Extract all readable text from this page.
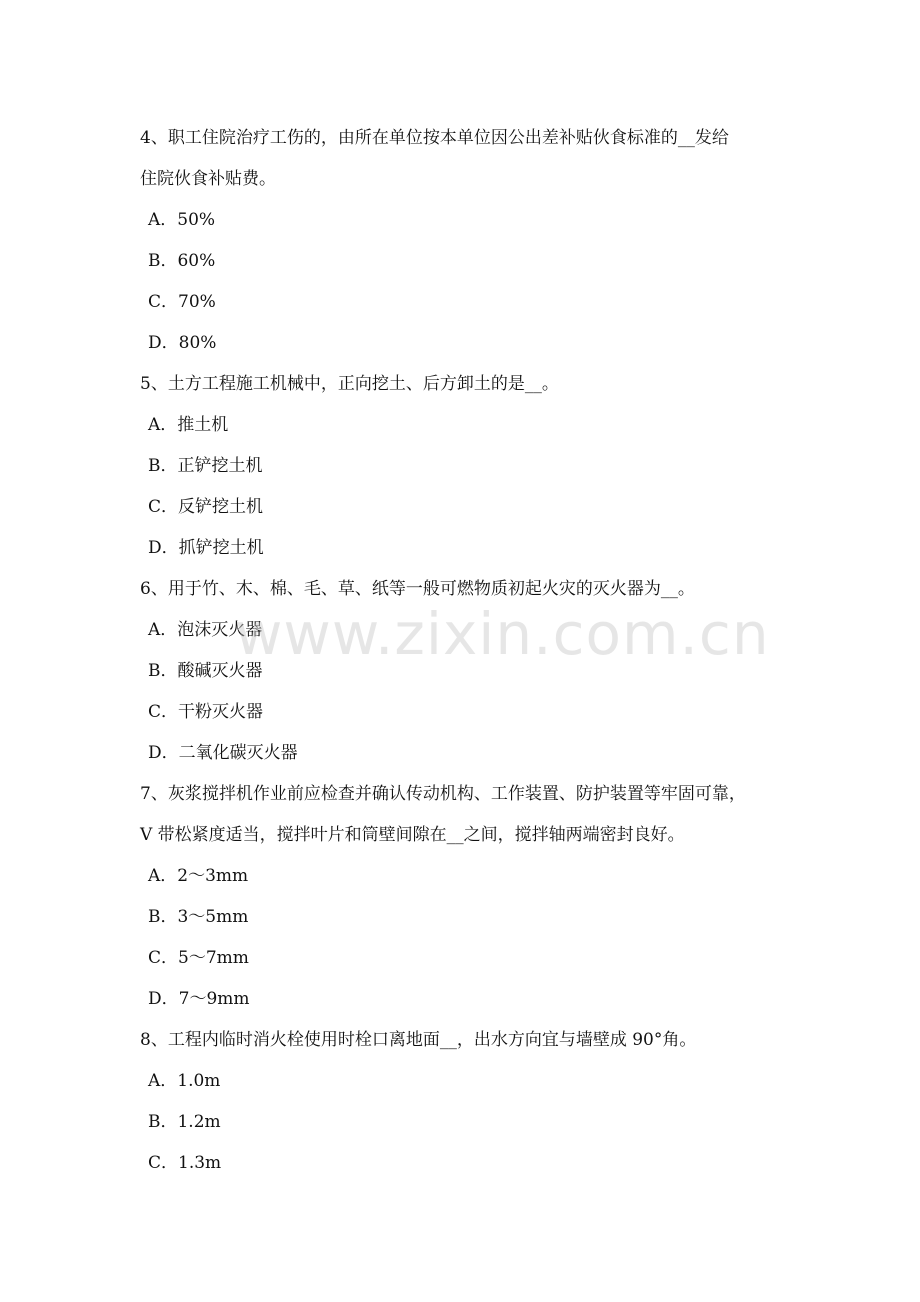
4、职工住院治疗工伤的，由所在单位按本单位因公出差补贴伙食标准的__发给

住院伙食补贴费。

A．50%

B．60%

C．70%

D．80%

5、土方工程施工机械中，正向挖土、后方卸土的是__。

A．推土机

B．正铲挖土机

C．反铲挖土机

D．抓铲挖土机

6、用于竹、木、棉、毛、草、纸等一般可燃物质初起火灾的灭火器为__。

A．泡沫灭火器

B．酸碱灭火器

C．干粉灭火器

D．二氧化碳灭火器

7、灰浆搅拌机作业前应检查并确认传动机构、工作装置、防护装置等牢固可靠，

V 带松紧度适当，搅拌叶片和筒壁间隙在__之间，搅拌轴两端密封良好。

A．2～3mm

B．3～5mm

C．5～7mm

D．7～9mm

8、工程内临时消火栓使用时栓口离地面__，出水方向宜与墙壁成 90°角。

A．1.0m

B．1.2m

C．1.3m

www.zixin.com.cn
